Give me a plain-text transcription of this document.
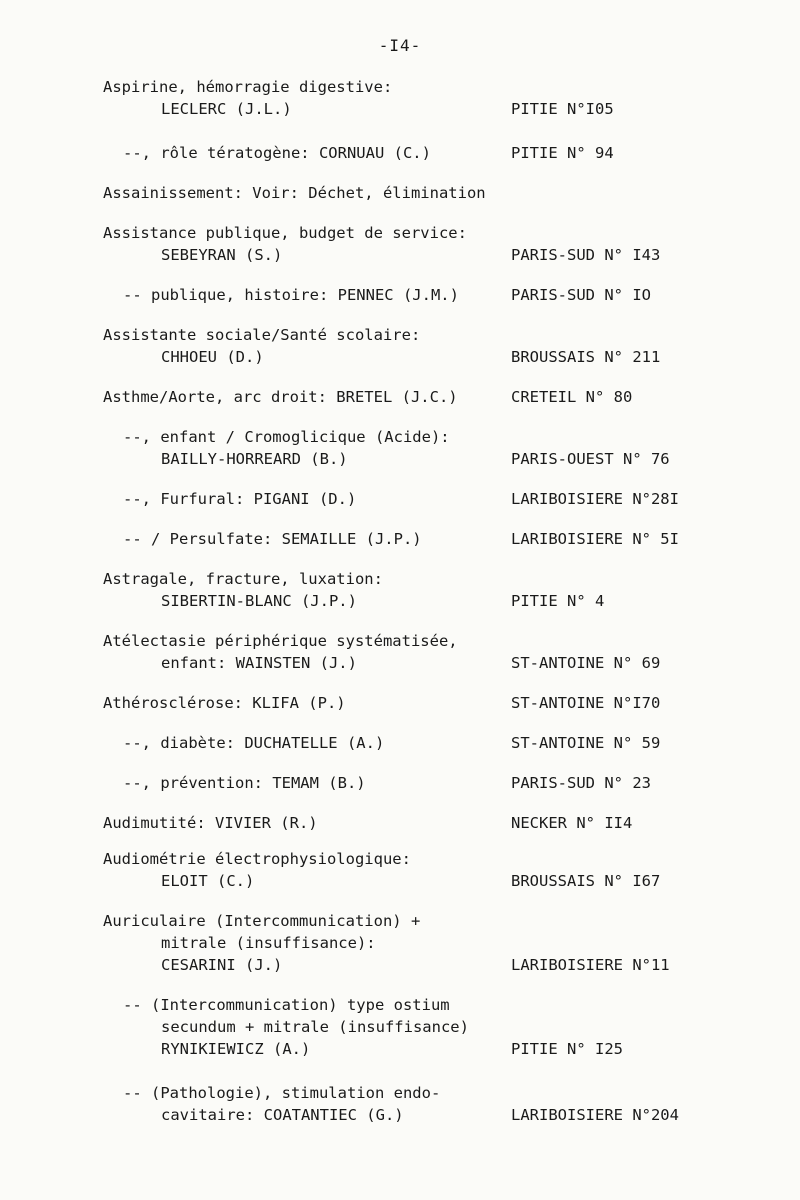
-I4-
Aspirine, hémorragie digestive:
LECLERC (J.L.)	PITIE N°I05
--, rôle tératogène: CORNUAU (C.)	PITIE N° 94
Assainissement: Voir: Déchet, élimination
Assistance publique, budget de service:
SEBEYRAN (S.)	PARIS-SUD N° I43
-- publique, histoire: PENNEC (J.M.)	PARIS-SUD N° IO
Assistante sociale/Santé scolaire:
CHHOEU (D.)	BROUSSAIS N° 211
Asthme/Aorte, arc droit: BRETEL (J.C.)	CRETEIL N° 80
--, enfant / Cromoglicique (Acide):
BAILLY-HORREARD (B.)	PARIS-OUEST N° 76
--, Furfural: PIGANI (D.)	LARIBOISIERE N°28I
-- / Persulfate: SEMAILLE (J.P.)	LARIBOISIERE N° 5I
Astragale, fracture, luxation:
SIBERTIN-BLANC (J.P.)	PITIE N° 4
Atélectasie périphérique systématisée,
enfant: WAINSTEN (J.)	ST-ANTOINE N° 69
Athérosclérose: KLIFA (P.)	ST-ANTOINE N°I70
--, diabète: DUCHATELLE (A.)	ST-ANTOINE N° 59
--, prévention: TEMAM (B.)	PARIS-SUD N° 23
Audimutité: VIVIER (R.)	NECKER N° II4
Audiométrie électrophysiologique:
ELOIT (C.)	BROUSSAIS N° I67
Auriculaire (Intercommunication) +
mitrale (insuffisance):
CESARINI (J.)	LARIBOISIERE N°11
-- (Intercommunication) type ostium
secundum + mitrale (insuffisance)
RYNIKIEWICZ (A.)	PITIE N° I25
-- (Pathologie), stimulation endo-
cavitaire: COATANTIEC (G.)	LARIBOISIERE N°204
